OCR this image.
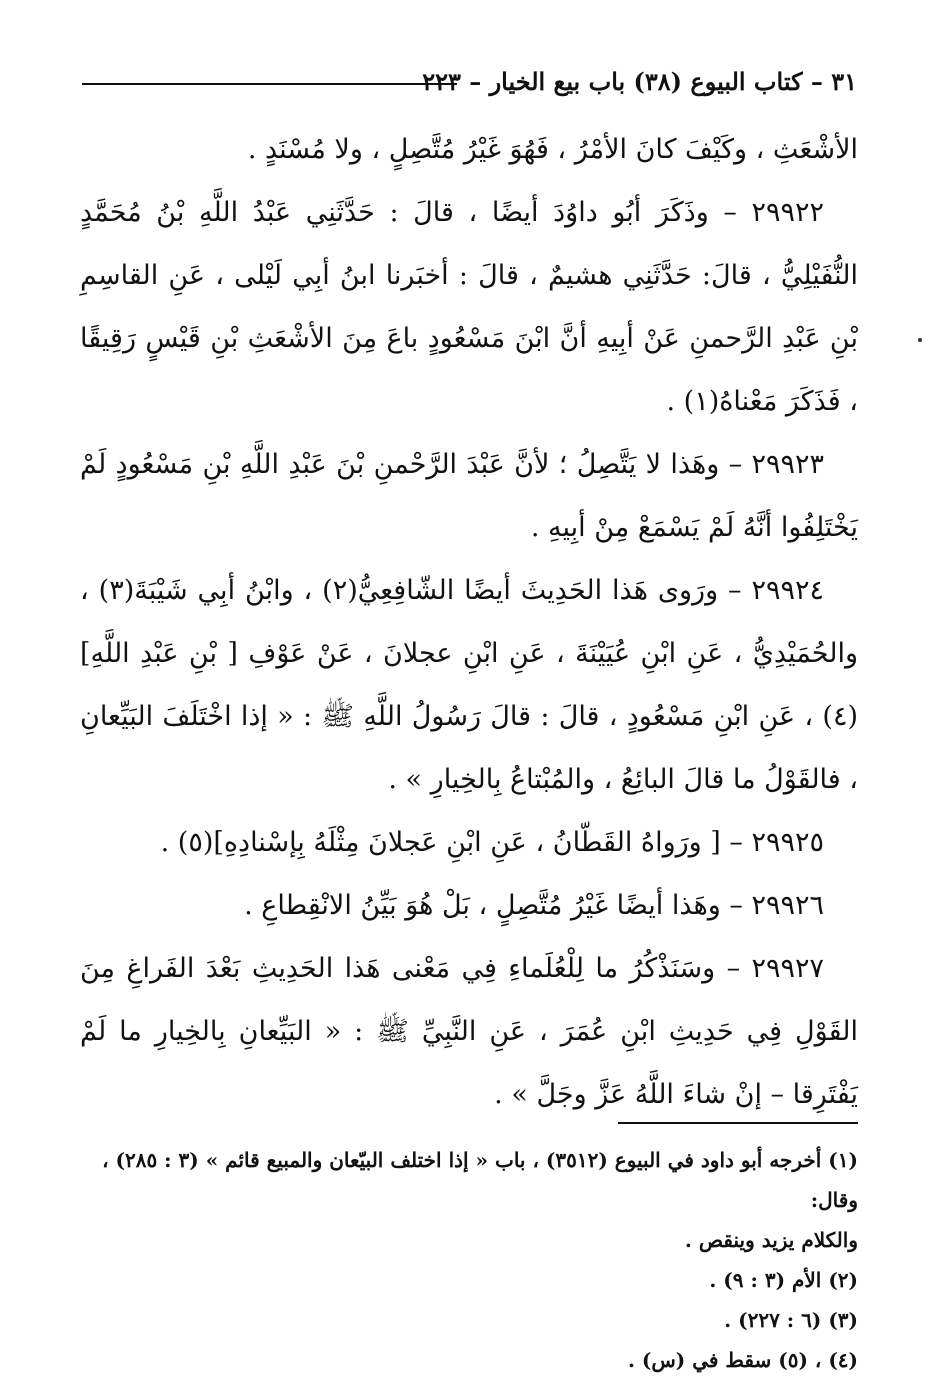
٣١ – كتاب البيوع (٣٨) باب بيع الخيار – ٢٢٣

الأشْعَثِ ، وكَيْفَ كانَ الأمْرُ ، فَهُوَ غَيْرُ مُتَّصِلٍ ، ولا مُسْنَدٍ .

٢٩٩٢٢ – وذَكَرَ أبُو داوُدَ أيضًا ، قالَ : حَدَّثَنِي عَبْدُ اللَّهِ بْنُ مُحَمَّدٍ النُّفَيْلِيُّ ، قالَ: حَدَّثَنِي هشيمٌ ، قالَ : أخبَرنا ابنُ أبِي لَيْلى ، عَنِ القاسِمِ بْنِ عَبْدِ الرَّحمنِ عَنْ أبِيهِ أنَّ ابْنَ مَسْعُودٍ باعَ مِنَ الأشْعَثِ بْنِ قَيْسٍ رَقِيقًا ، فَذَكَرَ مَعْناهُ(١) .

٢٩٩٢٣ – وهَذا لا يَتَّصِلُ ؛ لأنَّ عَبْدَ الرَّحْمنِ بْنَ عَبْدِ اللَّهِ بْنِ مَسْعُودٍ لَمْ يَخْتَلِفُوا أنَّهُ لَمْ يَسْمَعْ مِنْ أبِيهِ .

٢٩٩٢٤ – ورَوى هَذا الحَدِيثَ أيضًا الشّافِعِيُّ(٢) ، وابْنُ أبِي شَيْبَةَ(٣) ، والحُمَيْدِيُّ ، عَنِ ابْنِ عُيَيْنَةَ ، عَنِ ابْنِ عجلانَ ، عَنْ عَوْفِ [ بْنِ عَبْدِ اللَّهِ](٤) ، عَنِ ابْنِ مَسْعُودٍ ، قالَ : قالَ رَسُولُ اللَّهِ ﷺ : « إذا اخْتَلَفَ البَيِّعانِ ، فالقَوْلُ ما قالَ البائِعُ ، والمُبْتاعُ بِالخِيارِ » .

٢٩٩٢٥ – [ ورَواهُ القَطّانُ ، عَنِ ابْنِ عَجلانَ مِثْلَهُ بِإسْنادِهِ](٥) .

٢٩٩٢٦ – وهَذا أيضًا غَيْرُ مُتَّصِلٍ ، بَلْ هُوَ بَيِّنُ الانْقِطاعِ .

٢٩٩٢٧ – وسَنَذْكُرُ ما لِلْعُلَماءِ فِي مَعْنى هَذا الحَدِيثِ بَعْدَ الفَراغِ مِنَ القَوْلِ فِي حَدِيثِ ابْنِ عُمَرَ ، عَنِ النَّبِيِّ ﷺ : « البَيِّعانِ بِالخِيارِ ما لَمْ يَفْتَرِقا – إنْ شاءَ اللَّهُ عَزَّ وجَلَّ » .

(١) أخرجه أبو داود في البيوع (٣٥١٢) ، باب « إذا اختلف البيّعان والمبيع قائم » (٣ : ٢٨٥) ، وقال:

والكلام يزيد وينقص .

(٢) الأم (٣ : ٩) .

(٣) (٦ : ٢٢٧) .

(٤) ، (٥) سقط في (س) .
